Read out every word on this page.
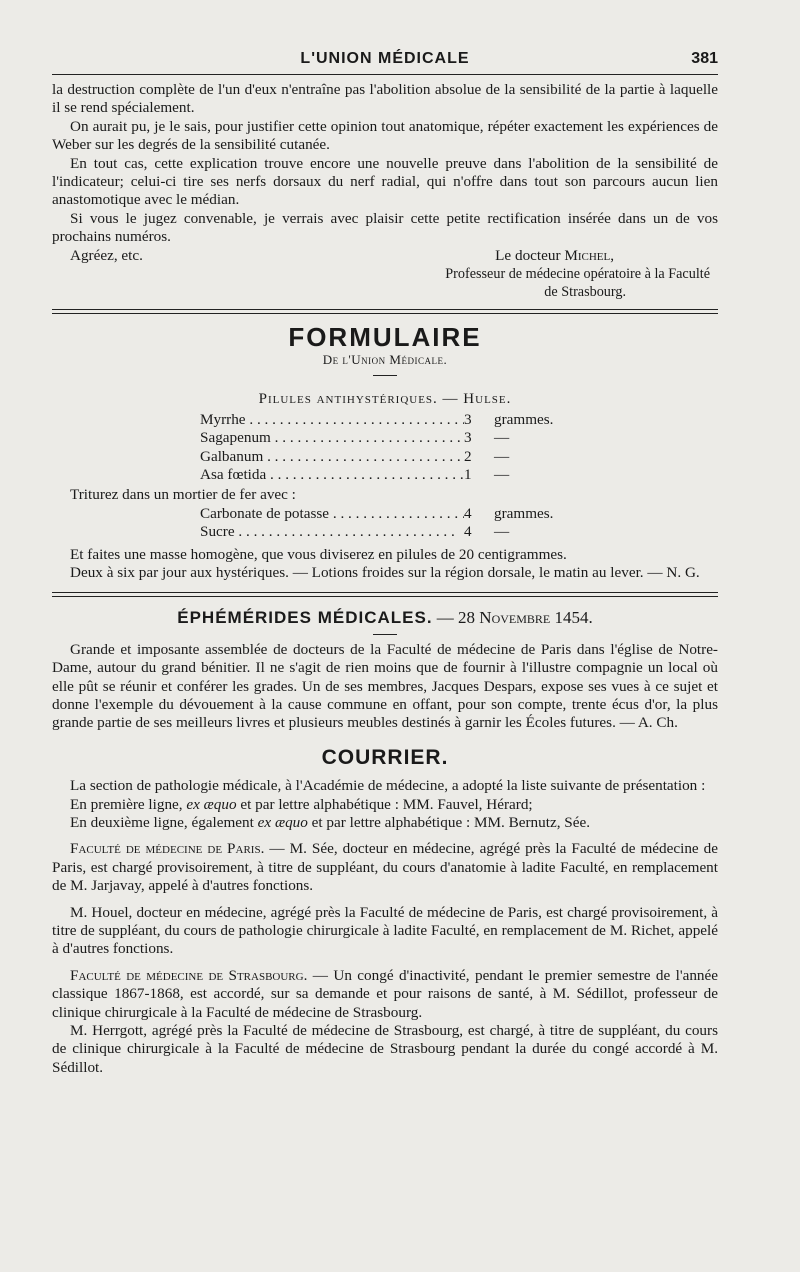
L'UNION MÉDICALE	381

la destruction complète de l'un d'eux n'entraîne pas l'abolition absolue de la sensibilité de la partie à laquelle il se rend spécialement.

On aurait pu, je le sais, pour justifier cette opinion tout anatomique, répéter exactement les expériences de Weber sur les degrés de la sensibilité cutanée.

En tout cas, cette explication trouve encore une nouvelle preuve dans l'abolition de la sensibilité de l'indicateur; celui-ci tire ses nerfs dorsaux du nerf radial, qui n'offre dans tout son parcours aucun lien anastomotique avec le médian.

Si vous le jugez convenable, je verrais avec plaisir cette petite rectification insérée dans un de vos prochains numéros.

Agréez, etc.	Le docteur Michel,
Professeur de médecine opératoire à la Faculté
de Strasbourg.
FORMULAIRE
De l'Union Médicale.
Pilules antihystériques. — Hulse.
Myrrhe . . .	3	grammes.
Sagapenum . . .	3	—
Galbanum . . .	2	—
Asa fœtida . . .	1	—

Triturez dans un mortier de fer avec :

Carbonate de potasse . . .	4	grammes.
Sucre . . .	4	—

Et faites une masse homogène, que vous diviserez en pilules de 20 centigrammes.

Deux à six par jour aux hystériques. — Lotions froides sur la région dorsale, le matin au lever. — N. G.

ÉPHÉMÉRIDES MÉDICALES. — 28 Novembre 1454.

Grande et imposante assemblée de docteurs de la Faculté de médecine de Paris dans l'église de Notre-Dame, autour du grand bénitier. Il ne s'agit de rien moins que de fournir à l'illustre compagnie un local où elle pût se réunir et conférer les grades. Un de ses membres, Jacques Despars, expose ses vues à ce sujet et donne l'exemple du dévouement à la cause commune en offant, pour son compte, trente écus d'or, la plus grande partie de ses meilleurs livres et plusieurs meubles destinés à garnir les Écoles futures. — A. Ch.

COURRIER.

La section de pathologie médicale, à l'Académie de médecine, a adopté la liste suivante de présentation :

En première ligne, ex æquo et par lettre alphabétique : MM. Fauvel, Hérard;

En deuxième ligne, également ex æquo et par lettre alphabétique : MM. Bernutz, Sée.

Faculté de médecine de Paris. — M. Sée, docteur en médecine, agrégé près la Faculté de médecine de Paris, est chargé provisoirement, à titre de suppléant, du cours d'anatomie à ladite Faculté, en remplacement de M. Jarjavay, appelé à d'autres fonctions.

M. Houel, docteur en médecine, agrégé près la Faculté de médecine de Paris, est chargé provisoirement, à titre de suppléant, du cours de pathologie chirurgicale à ladite Faculté, en remplacement de M. Richet, appelé à d'autres fonctions.

Faculté de médecine de Strasbourg. — Un congé d'inactivité, pendant le premier semestre de l'année classique 1867-1868, est accordé, sur sa demande et pour raisons de santé, à M. Sédillot, professeur de clinique chirurgicale à la Faculté de médecine de Strasbourg.

M. Herrgott, agrégé près la Faculté de médecine de Strasbourg, est chargé, à titre de suppléant, du cours de clinique chirurgicale à la Faculté de médecine de Strasbourg pendant la durée du congé accordé à M. Sédillot.
